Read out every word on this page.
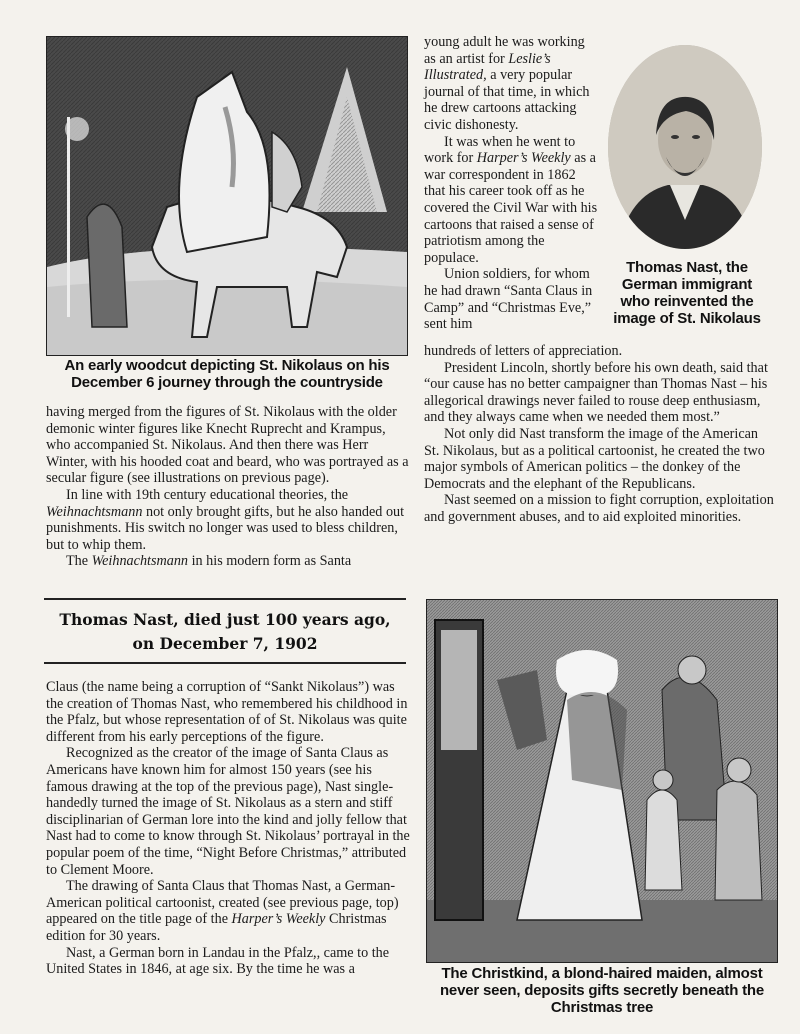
An early woodcut depicting St. Nikolaus on his
December 6 journey through the countryside

having merged from the figures of St. Nikolaus with the older demonic winter figures like Knecht Ruprecht and Krampus, who accompanied St. Nikolaus. And then there was Herr Winter, with his hooded coat and beard, who was portrayed as a secular figure (see illustrations on previous page).

In line with 19th century educational theories, the Weihnachtsmann not only brought gifts, but he also handed out punishments. His switch no longer was used to bless children, but to whip them.

The Weihnachtsmann in his modern form as Santa

Thomas Nast, died just 100 years ago,
on December 7, 1902

Claus (the name being a corruption of “Sankt Nikolaus”) was the creation of Thomas Nast, who remembered his childhood in the Pfalz, but whose representation of of St. Nikolaus was quite different from his early perceptions of the figure.

Recognized as the creator of the image of Santa Claus as Americans have known him for almost 150 years (see his famous drawing at the top of the previous page), Nast single-handedly turned the image of St. Nikolaus as a stern and stiff disciplinarian of German lore into the kind and jolly fellow that Nast had to come to know through St. Nikolaus’ portrayal in the popular poem of the time, “Night Before Christmas,” attributed to Clement Moore.

The drawing of Santa Claus that Thomas Nast, a German-American political cartoonist, created (see previous page, top) appeared on the title page of the Harper’s Weekly Christmas edition for 30 years.

Nast, a German born in Landau in the Pfalz,, came to the United States in 1846, at age six. By the time he was a

young adult he was working as an artist for Leslie’s Illustrated, a very popular journal of that time, in which he drew cartoons attacking civic dishonesty.

It was when he went to work for Harper’s Weekly as a war correspondent in 1862 that his career took off as he covered the Civil War with his cartoons that raised a sense of patriotism among the populace.

Union soldiers, for whom he had drawn “Santa Claus in Camp” and “Christmas Eve,” sent him

Thomas Nast, the
German immigrant
who reinvented the
image of St. Nikolaus

hundreds of letters of appreciation.

President Lincoln, shortly before his own death, said that “our cause has no better campaigner than Thomas Nast – his allegorical drawings never failed to rouse deep enthusiasm, and they always came when we needed them most.”

Not only did Nast transform the image of the American St. Nikolaus, but as a political cartoonist, he created the two major symbols of American politics – the donkey of the Democrats and the elephant of the Republicans.

Nast seemed on a mission to fight corruption, exploitation and government abuses, and to aid exploited minorities.

The Christkind, a blond-haired maiden, almost
never seen, deposits gifts secretly beneath the
Christmas tree
